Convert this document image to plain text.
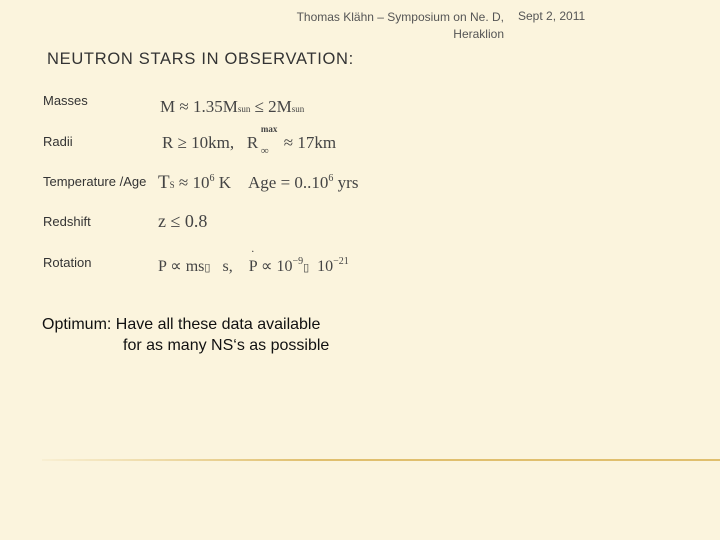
Thomas Klähn – Symposium on Ne. D,
Heraklion
Sept 2, 2011
NEUTRON STARS IN OBSERVATION:
Masses
Radii
Temperature /Age
Redshift
Rotation
M ≈ 1.35Msun ≤ 2Msun
R ≥ 10km, R
max
∞ ≈ 17km
TS ≈ $10^6$ K Age = $0..10^6$ yrs
z ≤ 0.8
P ∝ ms▯   s, P ∝ 10
·
$^{-9}$▯  $10^{-21}$
Optimum: Have all these data available
for as many NS‘s as possible
